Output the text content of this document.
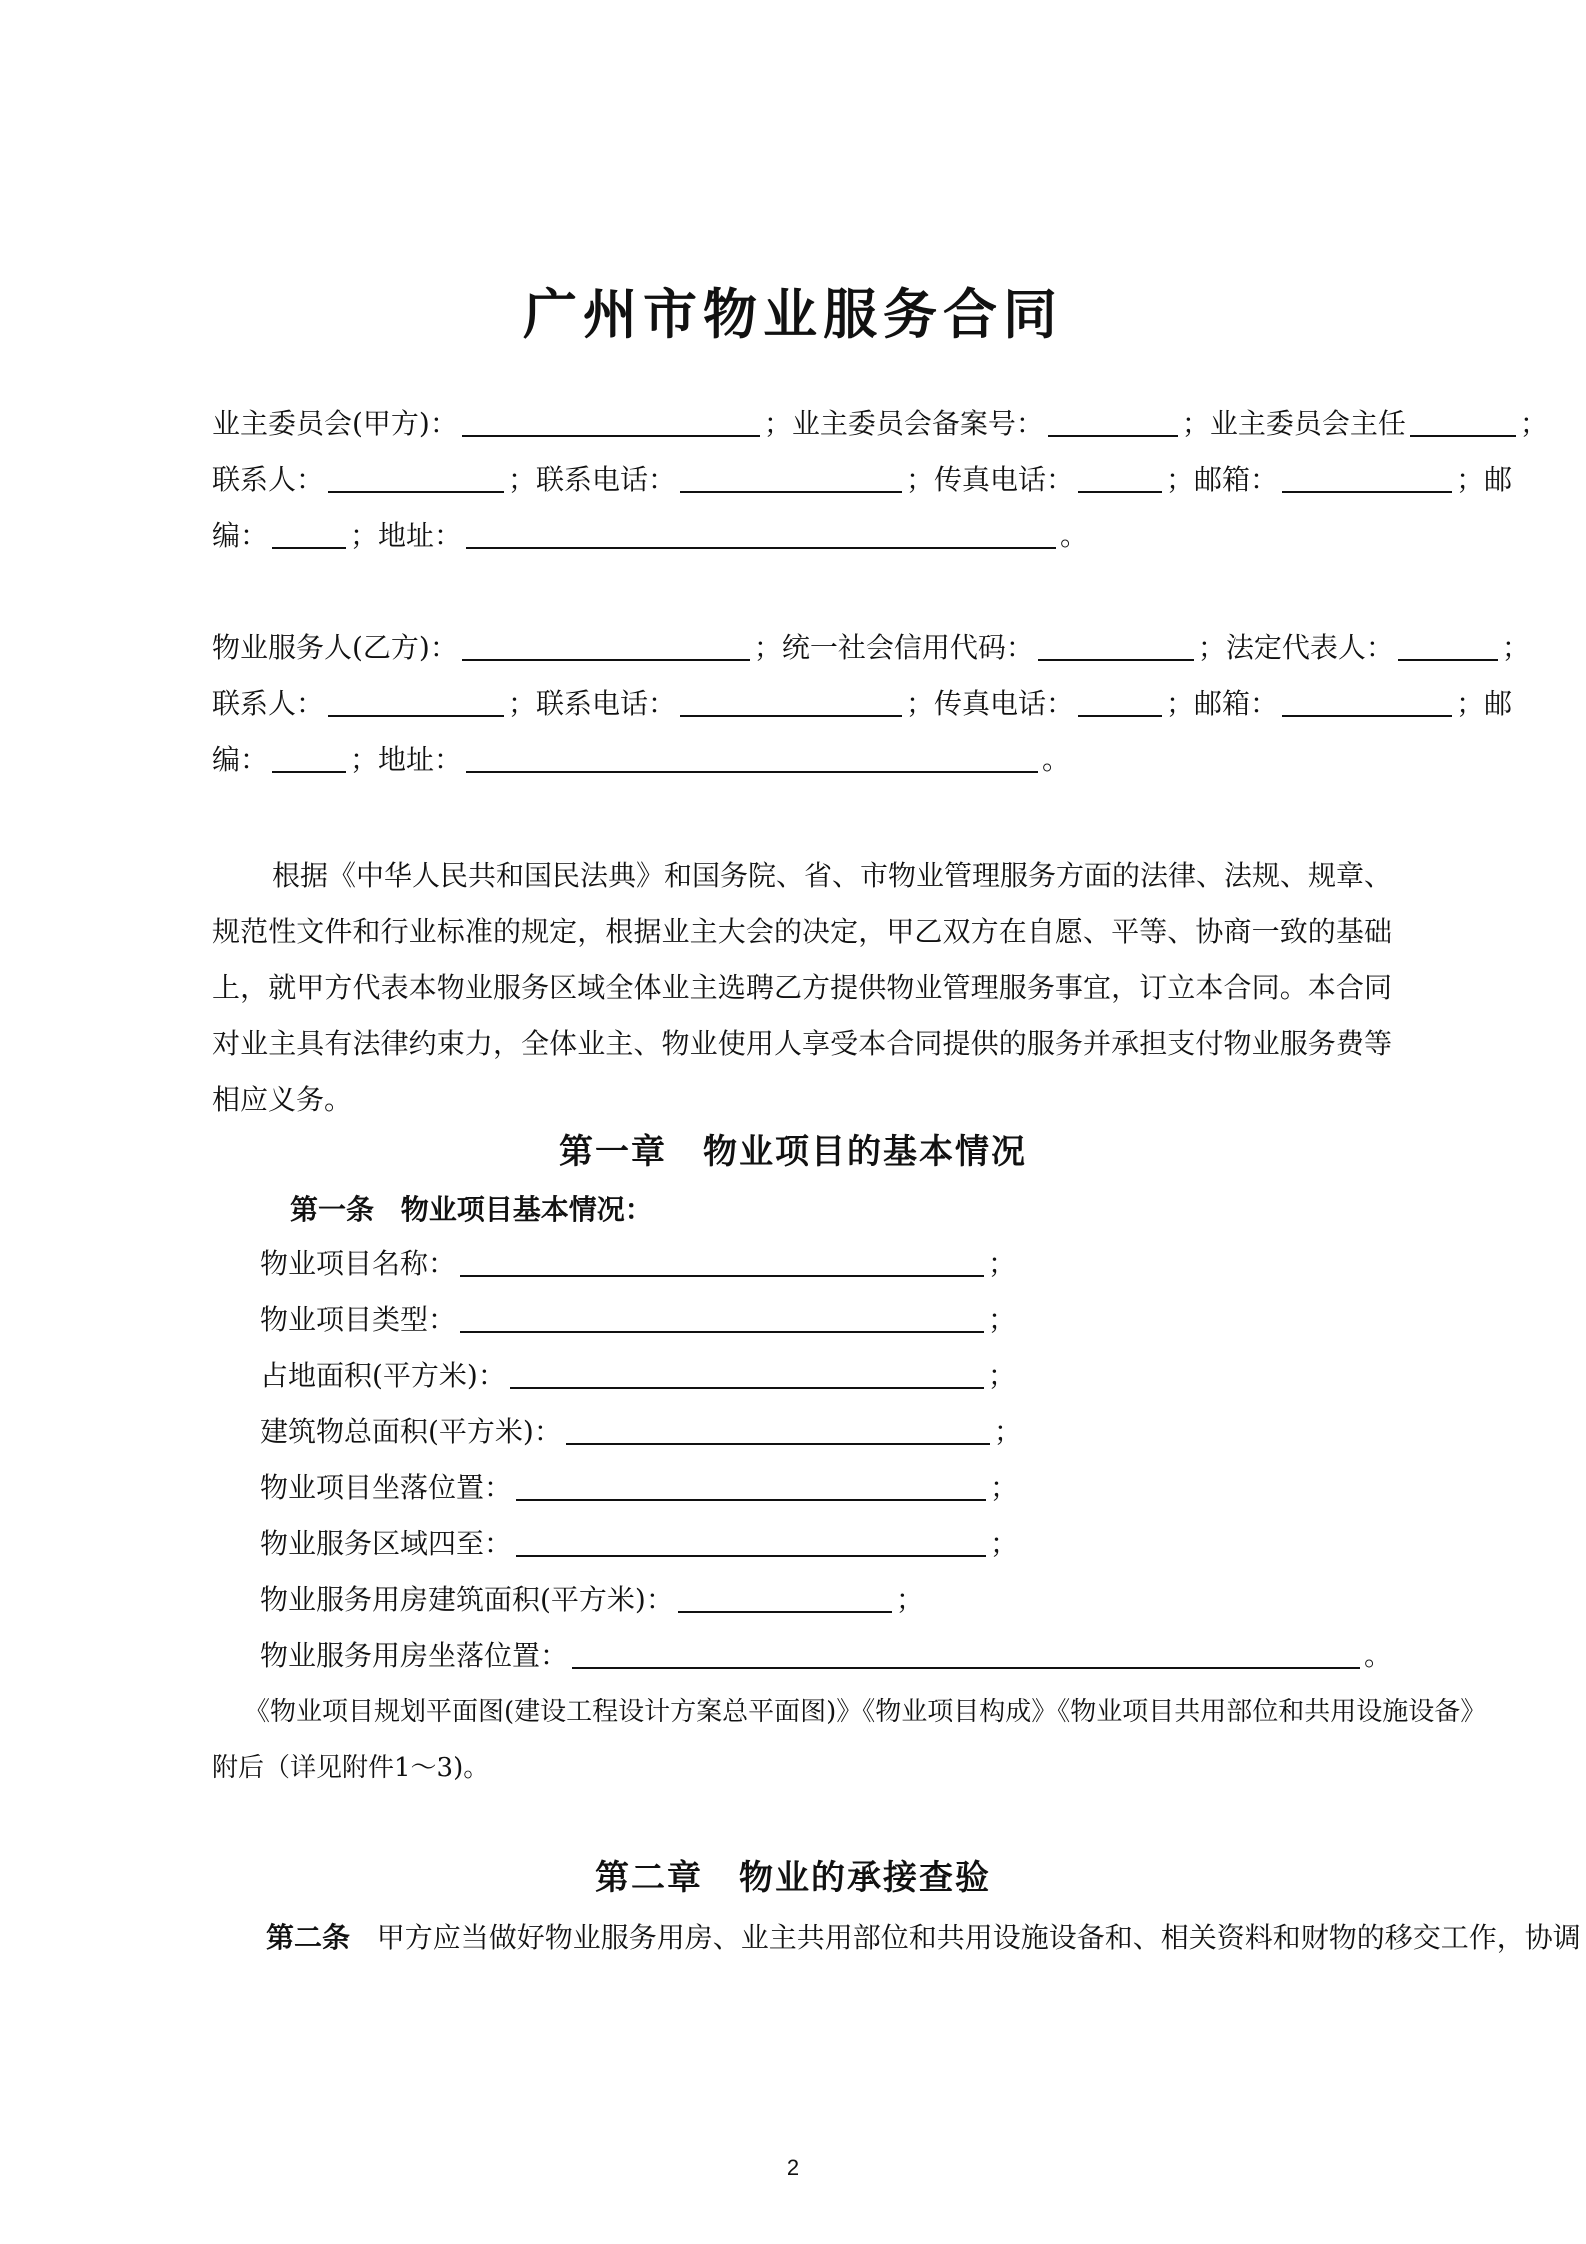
广州市物业服务合同
业主委员会(甲方)：	；业主委员会备案号：	；业主委员会主任	；
联系人：	；联系电话：	；传真电话：	；邮箱：	；邮
编：	；地址：	。
物业服务人(乙方)：	；统一社会信用代码：	；法定代表人：	；
联系人：	；联系电话：	；传真电话：	；邮箱：	；邮
编：	；地址：	。
根据《中华人民共和国民法典》和国务院、省、市物业管理服务方面的法律、法规、规章、规范性文件和行业标准的规定，根据业主大会的决定，甲乙双方在自愿、平等、协商一致的基础上，就甲方代表本物业服务区域全体业主选聘乙方提供物业管理服务事宜，订立本合同。本合同对业主具有法律约束力，全体业主、物业使用人享受本合同提供的服务并承担支付物业服务费等相应义务。
第一章　物业项目的基本情况
第一条 物业项目基本情况：
物业项目名称：	；
物业项目类型：	；
占地面积(平方米)：	；
建筑物总面积(平方米)：	；
物业项目坐落位置：	；
物业服务区域四至：	；
物业服务用房建筑面积(平方米)：	；
物业服务用房坐落位置：	。
《物业项目规划平面图(建设工程设计方案总平面图)》《物业项目构成》《物业项目共用部位和共用设施设备》
附后（详见附件1～3)。
第二章　物业的承接查验
第二条 甲方应当做好物业服务用房、业主共用部位和共用设施设备和、相关资料和财物的移交工作，协调
2
